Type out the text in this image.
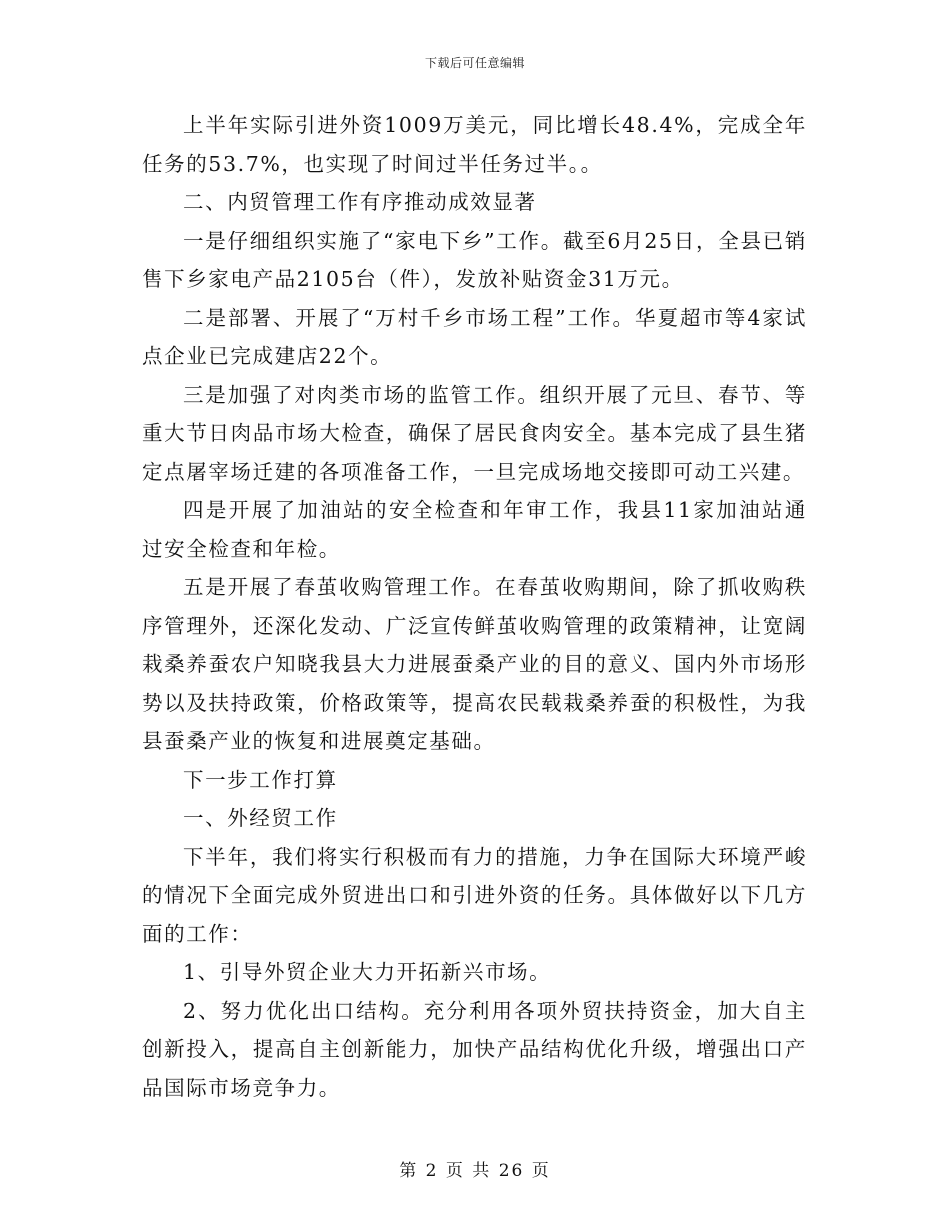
下载后可任意编辑

上半年实际引进外资1009万美元，同比增长48.4%，完成全年任务的53.7%，也实现了时间过半任务过半。。

二、内贸管理工作有序推动成效显著

一是仔细组织实施了“家电下乡”工作。截至6月25日，全县已销售下乡家电产品2105台（件），发放补贴资金31万元。

二是部署、开展了“万村千乡市场工程”工作。华夏超市等4家试点企业已完成建店22个。

三是加强了对肉类市场的监管工作。组织开展了元旦、春节、等重大节日肉品市场大检查，确保了居民食肉安全。基本完成了县生猪定点屠宰场迁建的各项准备工作，一旦完成场地交接即可动工兴建。

四是开展了加油站的安全检查和年审工作，我县11家加油站通过安全检查和年检。

五是开展了春茧收购管理工作。在春茧收购期间，除了抓收购秩序管理外，还深化发动、广泛宣传鲜茧收购管理的政策精神，让宽阔栽桑养蚕农户知晓我县大力进展蚕桑产业的目的意义、国内外市场形势以及扶持政策，价格政策等，提高农民载栽桑养蚕的积极性，为我县蚕桑产业的恢复和进展奠定基础。

下一步工作打算

一、外经贸工作

下半年，我们将实行积极而有力的措施，力争在国际大环境严峻的情况下全面完成外贸进出口和引进外资的任务。具体做好以下几方面的工作：

1、引导外贸企业大力开拓新兴市场。

2、努力优化出口结构。充分利用各项外贸扶持资金，加大自主创新投入，提高自主创新能力，加快产品结构优化升级，增强出口产品国际市场竞争力。

第 2 页 共 26 页
